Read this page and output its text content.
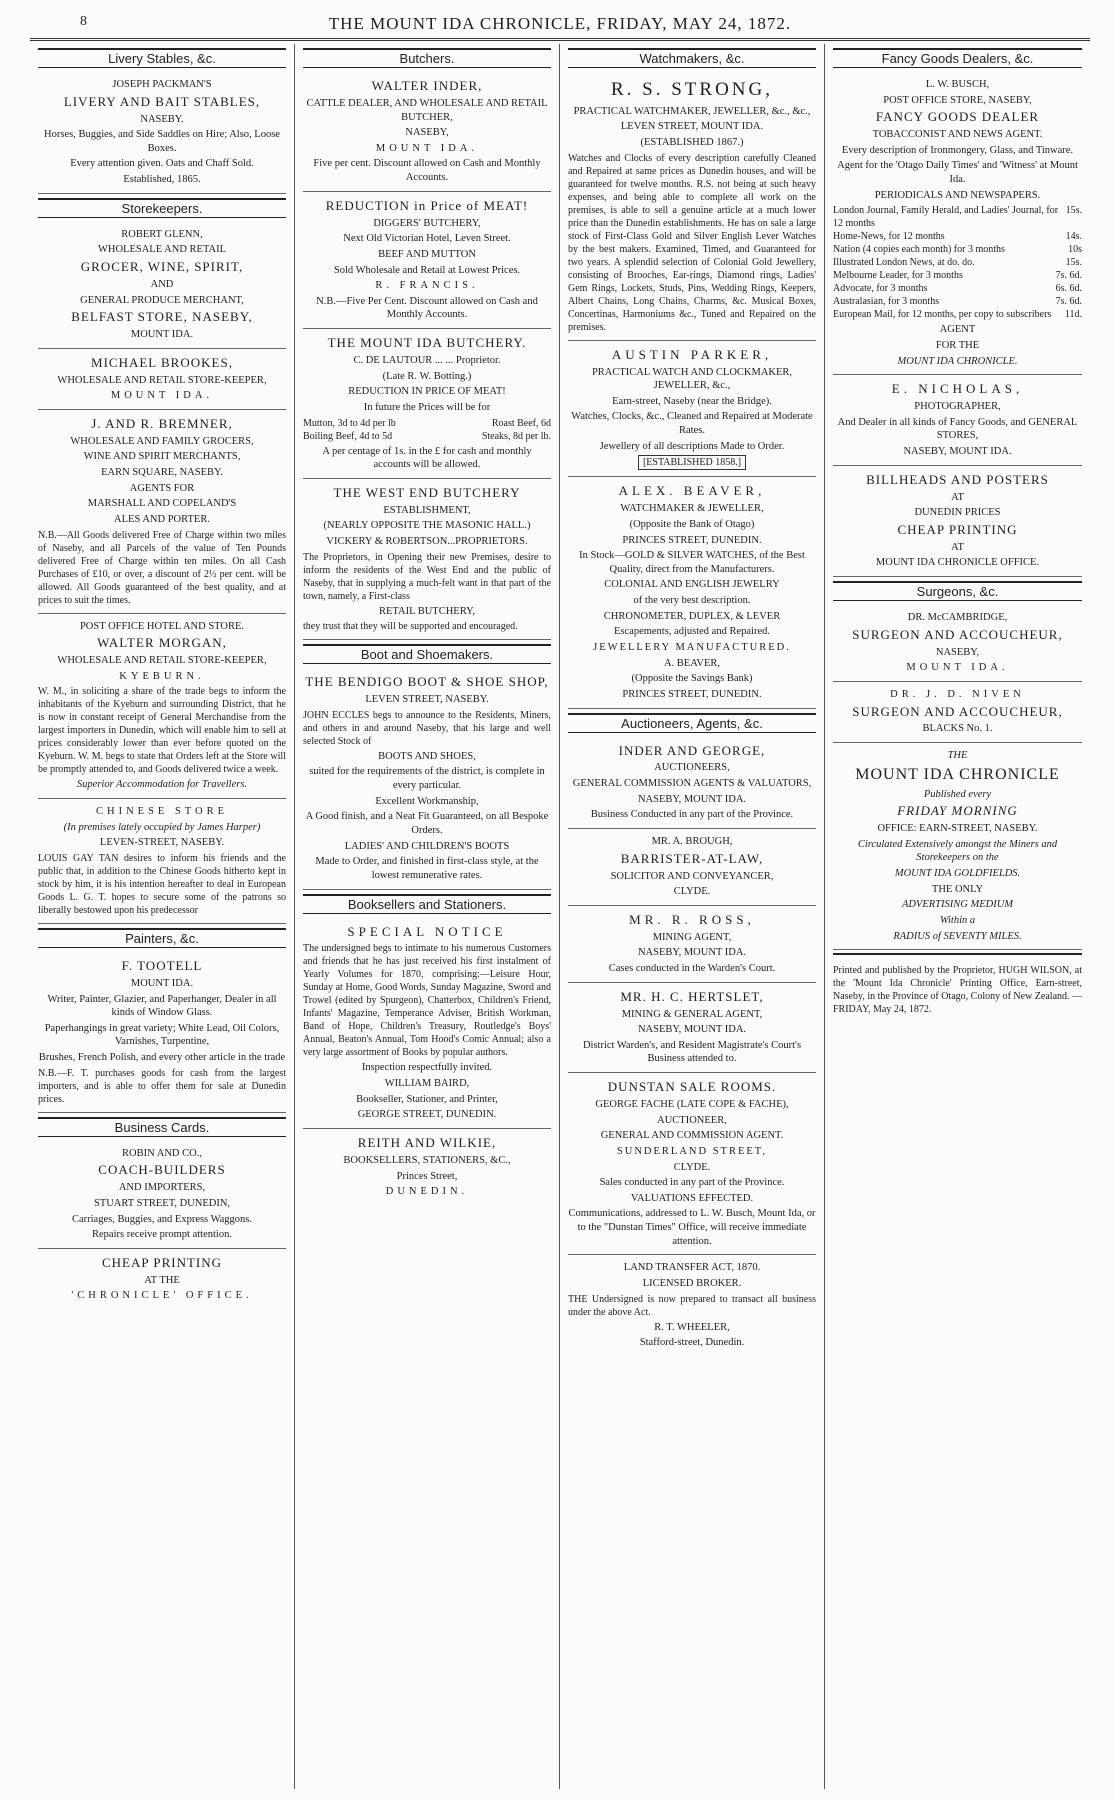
8	THE MOUNT IDA CHRONICLE, FRIDAY, MAY 24, 1872.
Livery Stables, &c.

JOSEPH PACKMAN'S

LIVERY AND BAIT STABLES,

NASEBY.

Horses, Buggies, and Side Saddles on Hire; Also, Loose Boxes.

Every attention given. Oats and Chaff Sold.

Established, 1865.

Storekeepers.

ROBERT GLENN,

WHOLESALE AND RETAIL

GROCER, WINE, SPIRIT,

AND

GENERAL PRODUCE MERCHANT,

BELFAST STORE, NASEBY,

MOUNT IDA.

MICHAEL BROOKES,

WHOLESALE AND RETAIL STORE-KEEPER,

MOUNT IDA.

J. AND R. BREMNER,

WHOLESALE AND FAMILY GROCERS,

WINE AND SPIRIT MERCHANTS,

EARN SQUARE, NASEBY.

AGENTS FOR

MARSHALL AND COPELAND'S

ALES AND PORTER.

N.B.—All Goods delivered Free of Charge within two miles of Naseby, and all Parcels of the value of Ten Pounds delivered Free of Charge within ten miles. On all Cash Purchases of £10, or over, a discount of 2½ per cent. will be allowed. All Goods guaranteed of the best quality, and at prices to suit the times.

POST OFFICE HOTEL AND STORE.

WALTER MORGAN,

WHOLESALE AND RETAIL STORE-KEEPER,

KYEBURN.

W. M., in soliciting a share of the trade begs to inform the inhabitants of the Kyeburn and surrounding District, that he is now in constant receipt of General Merchandise from the largest importers in Dunedin, which will enable him to sell at prices considerably lower than ever before quoted on the Kyeburn. W. M. begs to state that Orders left at the Store will be promptly attended to, and Goods delivered twice a week.

Superior Accommodation for Travellers.

CHINESE STORE

(In premises lately occupied by James Harper)

LEVEN-STREET, NASEBY.

LOUIS GAY TAN desires to inform his friends and the public that, in addition to the Chinese Goods hitherto kept in stock by him, it is his intention hereafter to deal in European Goods L. G. T. hopes to secure some of the patrons so liberally bestowed upon his predecessor

Painters, &c.

F. TOOTELL

MOUNT IDA.

Writer, Painter, Glazier, and Paperhanger, Dealer in all kinds of Window Glass.

Paperhangings in great variety; White Lead, Oil Colors, Varnishes, Turpentine,

Brushes, French Polish, and every other article in the trade

N.B.—F. T. purchases goods for cash from the largest importers, and is able to offer them for sale at Dunedin prices.

Business Cards.

ROBIN AND CO.,

COACH-BUILDERS

AND IMPORTERS,

STUART STREET, DUNEDIN,

Carriages, Buggies, and Express Waggons.

Repairs receive prompt attention.

CHEAP PRINTING

AT THE

'CHRONICLE' OFFICE.

Butchers.

WALTER INDER,

CATTLE DEALER, AND WHOLESALE AND RETAIL BUTCHER,

NASEBY,

MOUNT IDA.

Five per cent. Discount allowed on Cash and Monthly Accounts.

REDUCTION in Price of MEAT!

DIGGERS' BUTCHERY,

Next Old Victorian Hotel, Leven Street.

BEEF AND MUTTON

Sold Wholesale and Retail at Lowest Prices.

R. FRANCIS.

N.B.—Five Per Cent. Discount allowed on Cash and Monthly Accounts.

THE MOUNT IDA BUTCHERY.

C. DE LAUTOUR ... ... Proprietor.

(Late R. W. Botting.)

REDUCTION IN PRICE OF MEAT!

In future the Prices will be for

Mutton, 3d to 4d per lb	Roast Beef, 6d
Boiling Beef, 4d to 5d	Steaks, 8d per lb.

A per centage of 1s. in the £ for cash and monthly accounts will be allowed.

THE WEST END BUTCHERY

ESTABLISHMENT,

(NEARLY OPPOSITE THE MASONIC HALL.)

VICKERY & ROBERTSON...PROPRIETORS.

The Proprietors, in Opening their new Premises, desire to inform the residents of the West End and the public of Naseby, that in supplying a much-felt want in that part of the town, namely, a First-class

RETAIL BUTCHERY,

they trust that they will be supported and encouraged.

Boot and Shoemakers.

THE BENDIGO BOOT & SHOE SHOP,

LEVEN STREET, NASEBY.

JOHN ECCLES begs to announce to the Residents, Miners, and others in and around Naseby, that his large and well selected Stock of

BOOTS AND SHOES,

suited for the requirements of the district, is complete in every particular.

Excellent Workmanship,

A Good finish, and a Neat Fit Guaranteed, on all Bespoke Orders.

LADIES' AND CHILDREN'S BOOTS

Made to Order, and finished in first-class style, at the lowest remunerative rates.

Booksellers and Stationers.

SPECIAL NOTICE

The undersigned begs to intimate to his numerous Customers and friends that he has just received his first instalment of Yearly Volumes for 1870, comprising:—Leisure Hour, Sunday at Home, Good Words, Sunday Magazine, Sword and Trowel (edited by Spurgeon), Chatterbox, Children's Friend, Infants' Magazine, Temperance Adviser, British Workman, Band of Hope, Children's Treasury, Routledge's Boys' Annual, Beaton's Annual, Tom Hood's Comic Annual; also a very large assortment of Books by popular authors.

Inspection respectfully invited.

WILLIAM BAIRD,

Bookseller, Stationer, and Printer,

GEORGE STREET, DUNEDIN.

REITH AND WILKIE,

BOOKSELLERS, STATIONERS, &C.,

Princes Street,

DUNEDIN.

Watchmakers, &c.

R. S. STRONG,

PRACTICAL WATCHMAKER, JEWELLER, &c., &c.,

LEVEN STREET, MOUNT IDA.

(ESTABLISHED 1867.)

Watches and Clocks of every description carefully Cleaned and Repaired at same prices as Dunedin houses, and will be guaranteed for twelve months. R.S. not being at such heavy expenses, and being able to complete all work on the premises, is able to sell a genuine article at a much lower price than the Dunedin establishments. He has on sale a large stock of First-Class Gold and Silver English Lever Watches by the best makers. Examined, Timed, and Guaranteed for two years. A splendid selection of Colonial Gold Jewellery, consisting of Brooches, Ear-rings, Diamond rings, Ladies' Gem Rings, Lockets, Studs, Pins, Wedding Rings, Keepers, Albert Chains, Long Chains, Charms, &c. Musical Boxes, Concertinas, Harmoniums &c., Tuned and Repaired on the premises.

AUSTIN PARKER,

PRACTICAL WATCH AND CLOCKMAKER, JEWELLER, &c.,

Earn-street, Naseby (near the Bridge).

Watches, Clocks, &c., Cleaned and Repaired at Moderate Rates.

Jewellery of all descriptions Made to Order.

[ESTABLISHED 1858.]

ALEX. BEAVER,

WATCHMAKER & JEWELLER,

(Opposite the Bank of Otago)

PRINCES STREET, DUNEDIN.

In Stock—GOLD & SILVER WATCHES, of the Best Quality, direct from the Manufacturers.

COLONIAL AND ENGLISH JEWELRY

of the very best description.

CHRONOMETER, DUPLEX, & LEVER

Escapements, adjusted and Repaired.

JEWELLERY MANUFACTURED.

A. BEAVER,

(Opposite the Savings Bank)

PRINCES STREET, DUNEDIN.

Auctioneers, Agents, &c.

INDER AND GEORGE,

AUCTIONEERS,

GENERAL COMMISSION AGENTS & VALUATORS,

NASEBY, MOUNT IDA.

Business Conducted in any part of the Province.

MR. A. BROUGH,

BARRISTER-AT-LAW,

SOLICITOR AND CONVEYANCER,

CLYDE.

MR. R. ROSS,

MINING AGENT,

NASEBY, MOUNT IDA.

Cases conducted in the Warden's Court.

MR. H. C. HERTSLET,

MINING & GENERAL AGENT,

NASEBY, MOUNT IDA.

District Warden's, and Resident Magistrate's Court's Business attended to.

DUNSTAN SALE ROOMS.

GEORGE FACHE (LATE COPE & FACHE),

AUCTIONEER,

GENERAL AND COMMISSION AGENT.

SUNDERLAND STREET,

CLYDE.

Sales conducted in any part of the Province.

VALUATIONS EFFECTED.

Communications, addressed to L. W. Busch, Mount Ida, or to the "Dunstan Times" Office, will receive immediate attention.

LAND TRANSFER ACT, 1870.

LICENSED BROKER.

THE Undersigned is now prepared to transact all business under the above Act.

R. T. WHEELER,

Stafford-street, Dunedin.

Fancy Goods Dealers, &c.

L. W. BUSCH,

POST OFFICE STORE, NASEBY,

FANCY GOODS DEALER

TOBACCONIST AND NEWS AGENT.

Every description of Ironmongery, Glass, and Tinware.

Agent for the 'Otago Daily Times' and 'Witness' at Mount Ida.

PERIODICALS AND NEWSPAPERS.

London Journal, Family Herald, and Ladies' Journal, for 12 months
15s.
Home-News, for 12 months	14s.
Nation (4 copies each month) for 3 months	10s
Illustrated London News, at do. do.	15s.
Melbourne Leader, for 3 months	7s. 6d.
Advocate, for 3 months	6s. 6d.
Australasian, for 3 months	7s. 6d.
European Mail, for 12 months, per copy to subscribers 11d.

AGENT

FOR THE

MOUNT IDA CHRONICLE.

E. NICHOLAS,

PHOTOGRAPHER,

And Dealer in all kinds of Fancy Goods, and GENERAL STORES,

NASEBY, MOUNT IDA.

BILLHEADS AND POSTERS

AT

DUNEDIN PRICES

CHEAP PRINTING

AT

MOUNT IDA CHRONICLE OFFICE.

Surgeons, &c.

DR. McCAMBRIDGE,

SURGEON AND ACCOUCHEUR,

NASEBY,

MOUNT IDA.

DR. J. D. NIVEN

SURGEON AND ACCOUCHEUR,

BLACKS No. 1.

THE

MOUNT IDA CHRONICLE

Published every

FRIDAY MORNING

OFFICE: EARN-STREET, NASEBY.

Circulated Extensively amongst the Miners and Storekeepers on the

MOUNT IDA GOLDFIELDS.

THE ONLY

ADVERTISING MEDIUM

Within a

RADIUS of SEVENTY MILES.

Printed and published by the Proprietor, HUGH WILSON, at the 'Mount Ida Chronicle' Printing Office, Earn-street, Naseby, in the Province of Otago, Colony of New Zealand. —FRIDAY, May 24, 1872.
